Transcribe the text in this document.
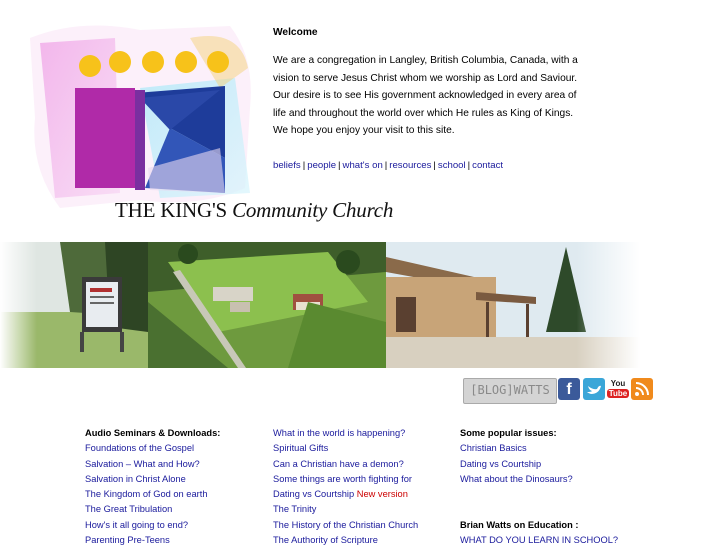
Welcome

We are a congregation in Langley, British Columbia, Canada, with a
vision to serve Jesus Christ whom we worship as Lord and Saviour.
Our desire is to see His government acknowledged in every area of
life and throughout the world over which He rules as King of Kings.
We hope you enjoy your visit to this site.

beliefs | people | what's on | resources | school | contact
THE KING'S Community Church
[BLOG]WATTS	f	You
Tube
Audio Seminars & Downloads:
Foundations of the Gospel
Salvation – What and How?
Salvation in Christ Alone
The Kingdom of God on earth
The Great Tribulation
How's it all going to end?
Parenting Pre-Teens
What in the world is happening?
Spiritual Gifts
Can a Christian have a demon?
Some things are worth fighting for
Dating vs Courtship New version
The Trinity
The History of the Christian Church
The Authority of Scripture
Some popular issues:
Christian Basics
Dating vs Courtship
What about the Dinosaurs?
Brian Watts on Education :
WHAT DO YOU LEARN IN SCHOOL?
